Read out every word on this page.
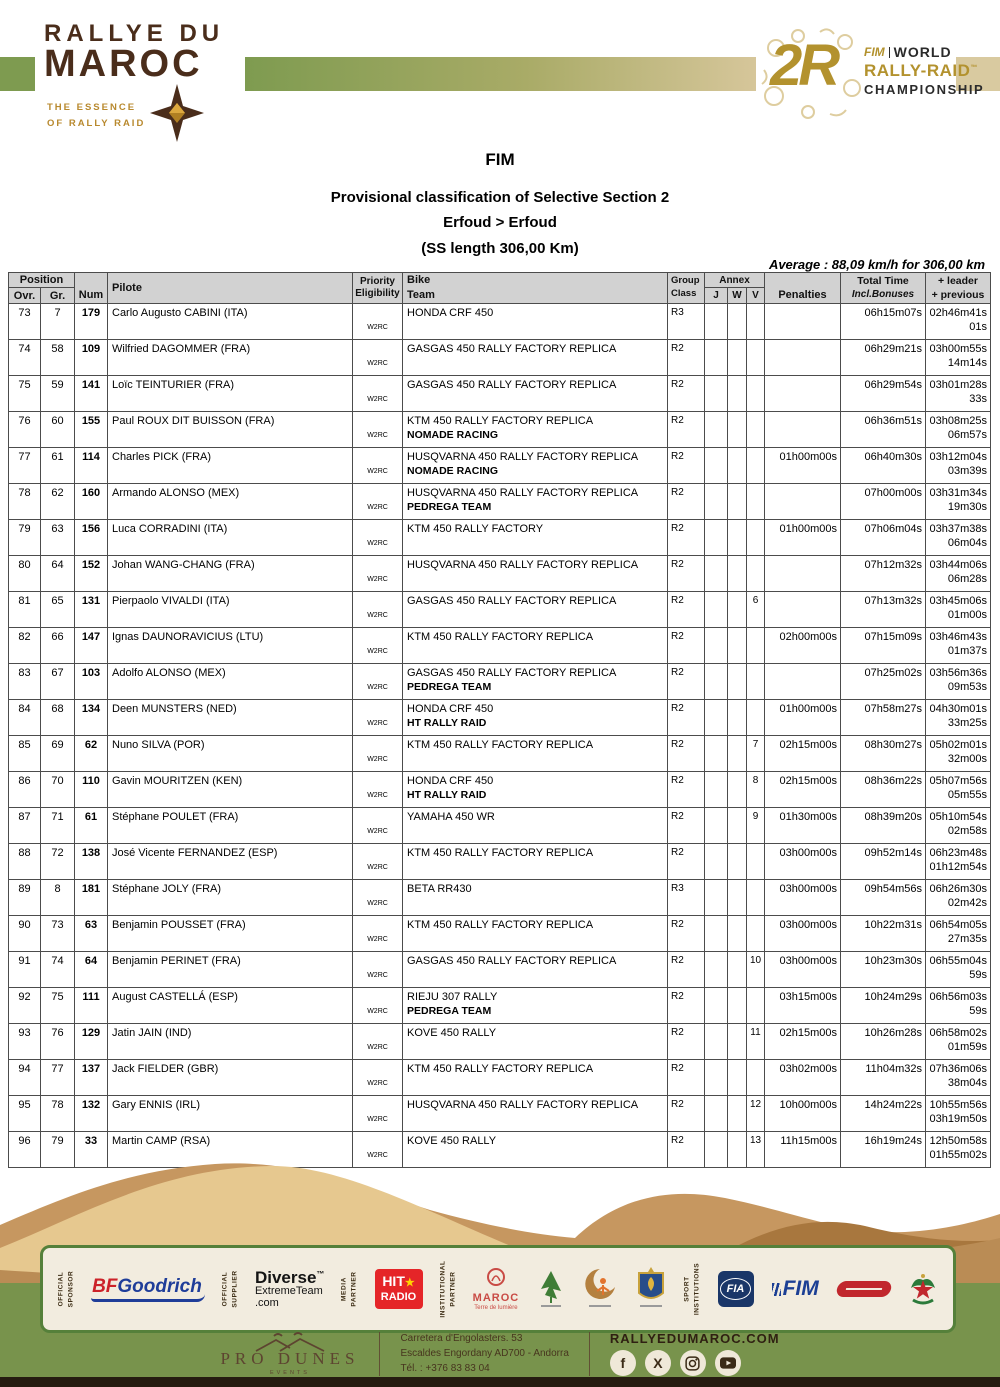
RALLYE DU
MAROC
THE ESSENCE
OF RALLY RAID
2R FIM WORLD
RALLY-RAID™
CHAMPIONSHIP
FIM
Provisional classification of Selective Section 2
Erfoud > Erfoud
(SS length 306,00 Km)
Average : 88,09 km/h for 306,00 km
Position
Ovr.	Gr.	Num
Pilote
Priority
Eligibility
Bike
Team
Group
Class
Annex
J	W	V	Penalties
Total Time
Incl.Bonuses
+ leader
+ previous
73	7	179	Carlo Augusto CABINI (ITA)
W2RC
HONDA CRF 450	R3	06h15m07s 02h46m41s
01s
74	58	109	Wilfried DAGOMMER (FRA)
W2RC
GASGAS 450 RALLY FACTORY REPLICA	R2	06h29m21s 03h00m55s
14m14s
75	59	141	Loïc TEINTURIER (FRA)
W2RC
GASGAS 450 RALLY FACTORY REPLICA	R2	06h29m54s 03h01m28s
33s
76	60	155	Paul ROUX DIT BUISSON (FRA)
W2RC
KTM 450 RALLY FACTORY REPLICA
NOMADE RACING
R2	06h36m51s 03h08m25s
06m57s
77	61	114	Charles PICK (FRA)
W2RC
HUSQVARNA 450 RALLY FACTORY REPLICA
NOMADE RACING
R2	01h00m00s	06h40m30s 03h12m04s
03m39s
78	62	160	Armando ALONSO (MEX)
W2RC
HUSQVARNA 450 RALLY FACTORY REPLICA
PEDREGA TEAM
R2	07h00m00s 03h31m34s
19m30s
79	63	156	Luca CORRADINI (ITA)
W2RC
KTM 450 RALLY FACTORY	R2	01h00m00s	07h06m04s 03h37m38s
06m04s
80	64	152	Johan WANG-CHANG (FRA)
W2RC
HUSQVARNA 450 RALLY FACTORY REPLICA	R2	07h12m32s 03h44m06s
06m28s
81	65	131	Pierpaolo VIVALDI (ITA)
W2RC
GASGAS 450 RALLY FACTORY REPLICA	R2	6	07h13m32s 03h45m06s
01m00s
82	66	147	Ignas DAUNORAVICIUS (LTU)
W2RC
KTM 450 RALLY FACTORY REPLICA	R2	02h00m00s	07h15m09s 03h46m43s
01m37s
83	67	103	Adolfo ALONSO (MEX)
W2RC
GASGAS 450 RALLY FACTORY REPLICA
PEDREGA TEAM
R2	07h25m02s 03h56m36s
09m53s
84	68	134	Deen MUNSTERS (NED)
W2RC
HONDA CRF 450
HT RALLY RAID
R2	01h00m00s	07h58m27s 04h30m01s
33m25s
85	69	62	Nuno SILVA (POR)
W2RC
KTM 450 RALLY FACTORY REPLICA	R2	7	02h15m00s	08h30m27s 05h02m01s
32m00s
86	70	110	Gavin MOURITZEN (KEN)
W2RC
HONDA CRF 450
HT RALLY RAID
R2	8	02h15m00s	08h36m22s 05h07m56s
05m55s
87	71	61	Stéphane POULET (FRA)
W2RC
YAMAHA 450 WR	R2	9	01h30m00s	08h39m20s 05h10m54s
02m58s
88	72	138	José Vicente FERNANDEZ (ESP)
W2RC
KTM 450 RALLY FACTORY REPLICA	R2	03h00m00s	09h52m14s 06h23m48s
01h12m54s
89	8	181	Stéphane JOLY (FRA)
W2RC
BETA RR430	R3	03h00m00s	09h54m56s 06h26m30s
02m42s
90	73	63	Benjamin POUSSET (FRA)
W2RC
KTM 450 RALLY FACTORY REPLICA	R2	03h00m00s	10h22m31s 06h54m05s
27m35s
91	74	64	Benjamin PERINET (FRA)
W2RC
GASGAS 450 RALLY FACTORY REPLICA	R2	10	03h00m00s	10h23m30s 06h55m04s
59s
92	75	111	August CASTELLÁ (ESP)
W2RC
RIEJU 307 RALLY
PEDREGA TEAM
R2	03h15m00s	10h24m29s 06h56m03s
59s
93	76	129	Jatin JAIN (IND)
W2RC
KOVE 450 RALLY	R2	11	02h15m00s	10h26m28s 06h58m02s
01m59s
94	77	137	Jack FIELDER (GBR)
W2RC
KTM 450 RALLY FACTORY REPLICA	R2	03h02m00s	11h04m32s 07h36m06s
38m04s
95	78	132	Gary ENNIS (IRL)
W2RC
HUSQVARNA 450 RALLY FACTORY REPLICA	R2	12	10h00m00s	14h24m22s 10h55m56s
03h19m50s
96	79	33	Martin CAMP (RSA)
W2RC
KOVE 450 RALLY	R2	13	11h15m00s	16h19m24s 12h50m58s
01h55m02s
OFFICIAL SPONSOR BFGoodrich	OFFICIAL SUPPLIER Diverse™
ExtremeTeam
.com
MEDIA PARTNER	HIT★
RADIO	INSTITUTIONAL PARTNER MAROC
Terre de lumière
SPORT INSTITUTIONS	FIA	FIM
PRO DUNES
EVENTS
Carretera d'Engolasters. 53
Escaldes Engordany AD700 - Andorra
Tél. : +376 83 83 04
RALLYEDUMAROC.COM
f	X
